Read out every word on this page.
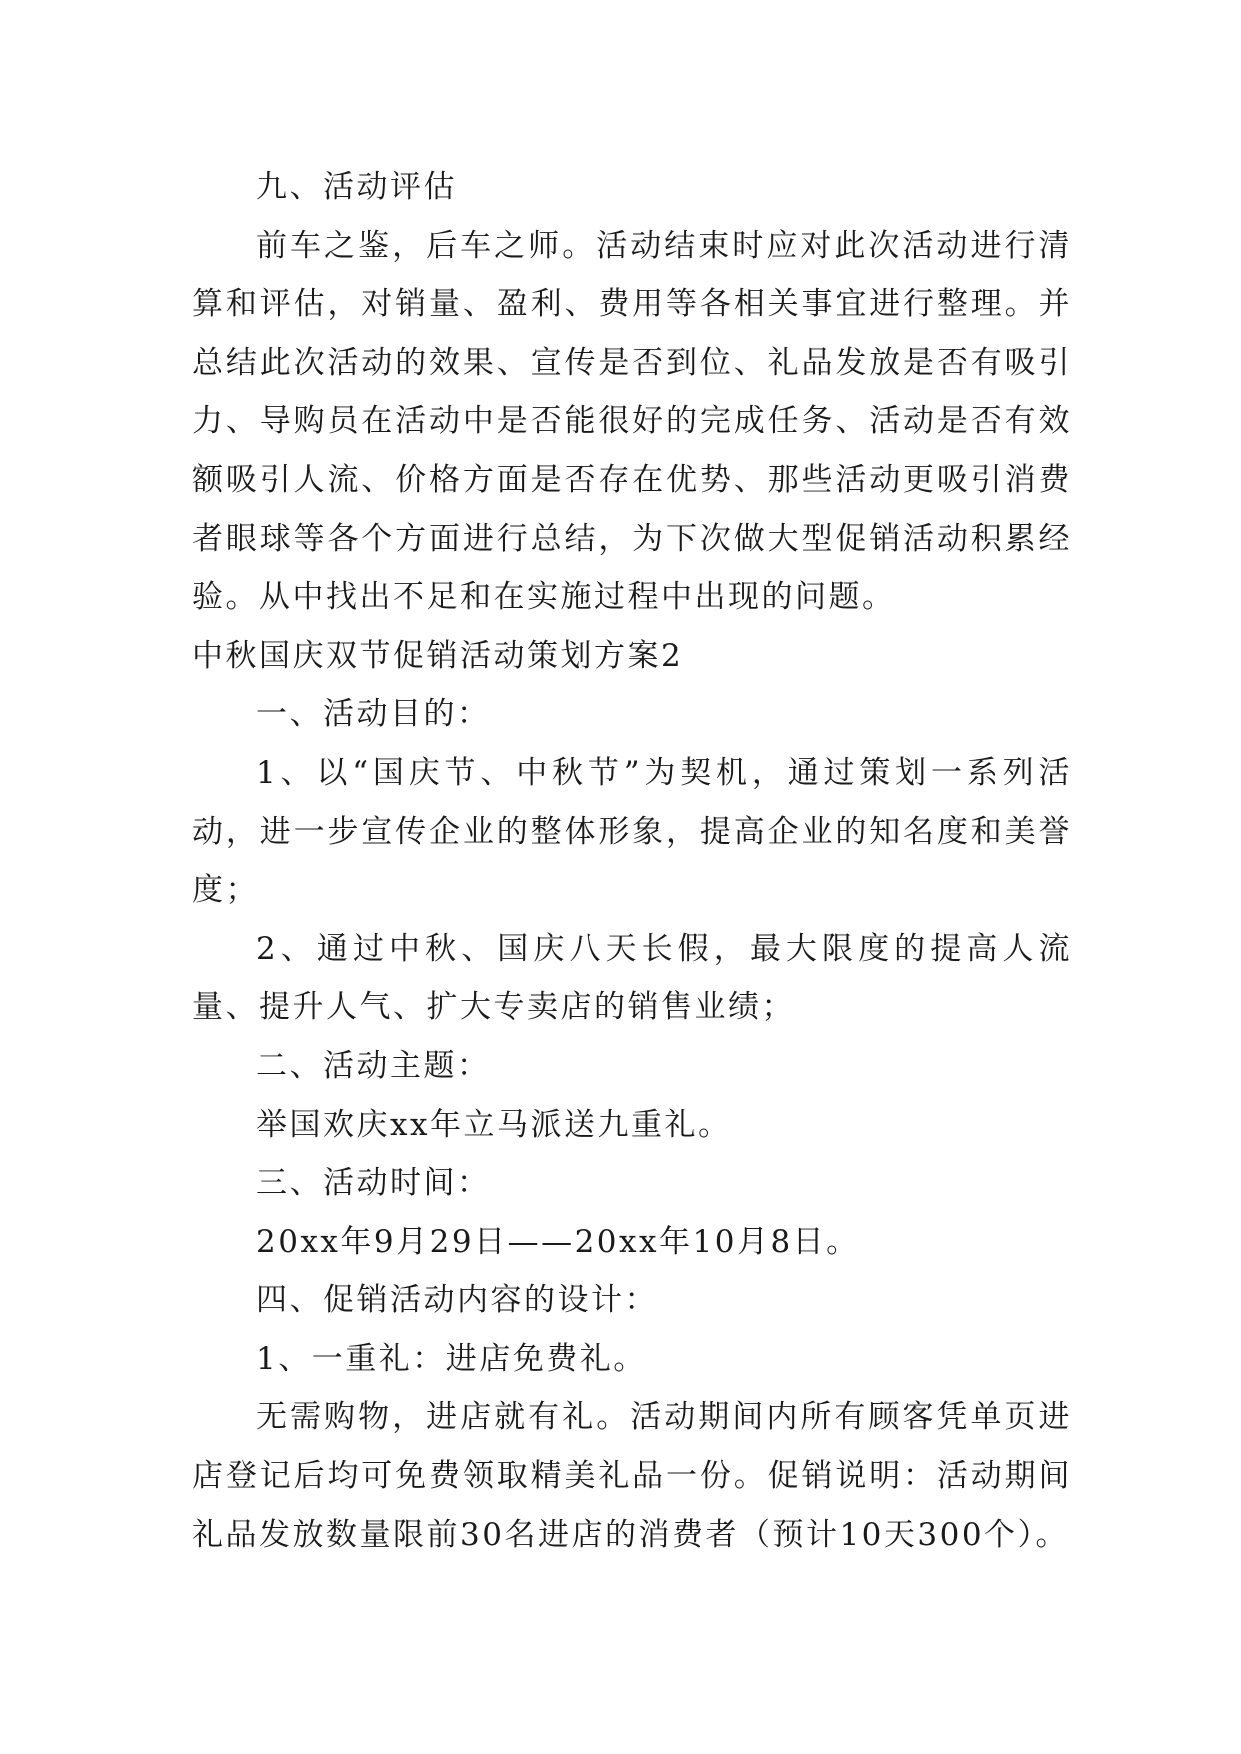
九、活动评估

前车之鉴，后车之师。活动结束时应对此次活动进行清算和评估，对销量、盈利、费用等各相关事宜进行整理。并总结此次活动的效果、宣传是否到位、礼品发放是否有吸引力、导购员在活动中是否能很好的完成任务、活动是否有效额吸引人流、价格方面是否存在优势、那些活动更吸引消费者眼球等各个方面进行总结，为下次做大型促销活动积累经验。从中找出不足和在实施过程中出现的问题。

中秋国庆双节促销活动策划方案2

一、活动目的：

1、以“国庆节、中秋节”为契机，通过策划一系列活动，进一步宣传企业的整体形象，提高企业的知名度和美誉度；

2、通过中秋、国庆八天长假，最大限度的提高人流量、提升人气、扩大专卖店的销售业绩；

二、活动主题：

举国欢庆xx年立马派送九重礼。

三、活动时间：

20xx年9月29日——20xx年10月8日。

四、促销活动内容的设计：

1、一重礼：进店免费礼。

无需购物，进店就有礼。活动期间内所有顾客凭单页进店登记后均可免费领取精美礼品一份。促销说明：活动期间礼品发放数量限前30名进店的消费者（预计10天300个）。
